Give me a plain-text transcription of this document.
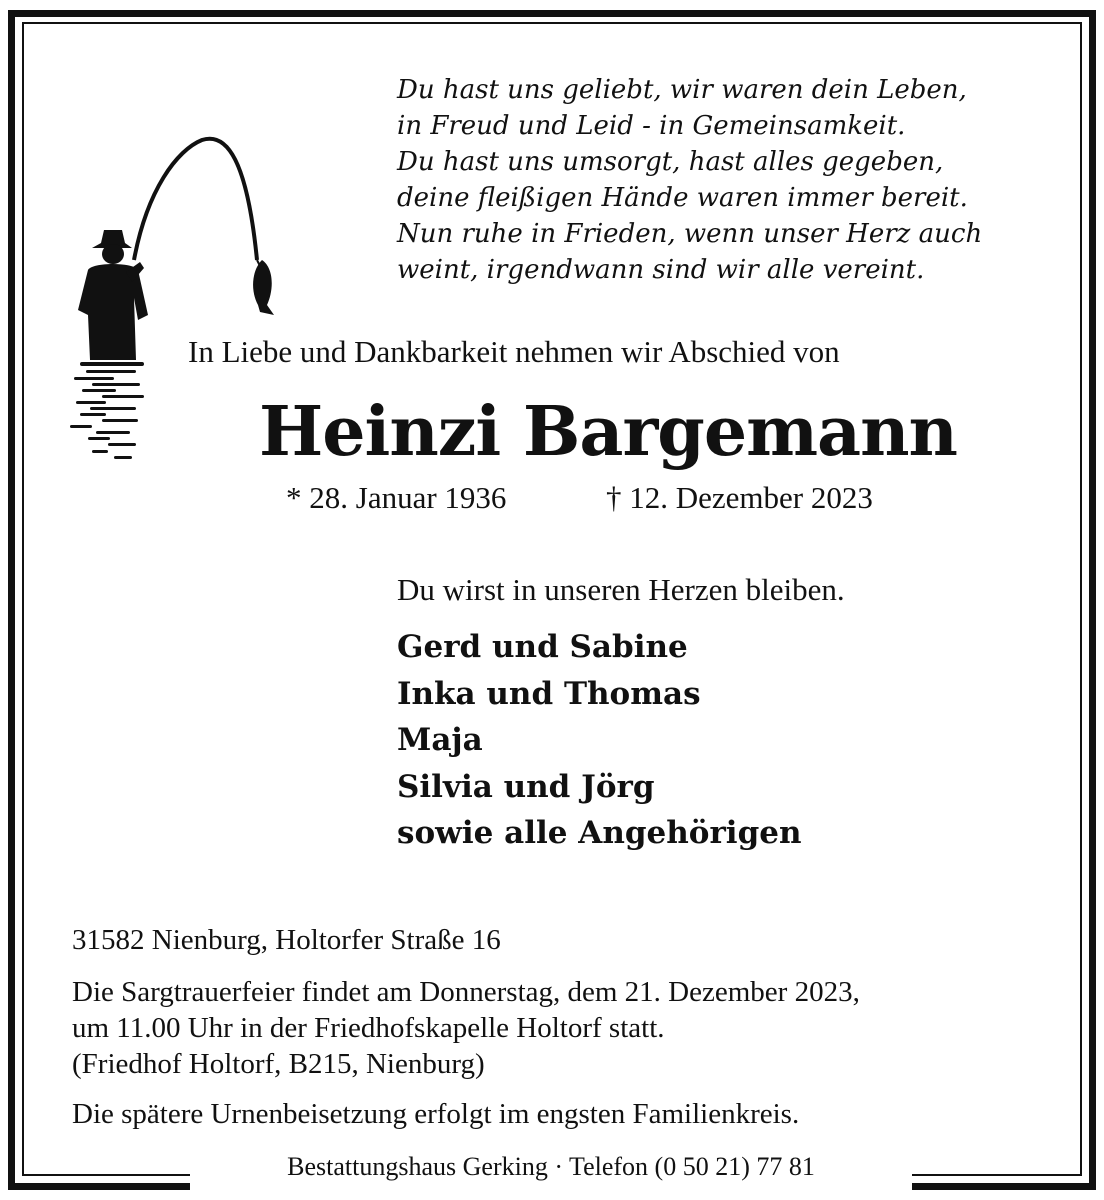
Du hast uns geliebt, wir waren dein Leben,
in Freud und Leid - in Gemeinsamkeit.
Du hast uns umsorgt, hast alles gegeben,
deine fleißigen Hände waren immer bereit.
Nun ruhe in Frieden, wenn unser Herz auch
weint, irgendwann sind wir alle vereint.
In Liebe und Dankbarkeit nehmen wir Abschied von
Heinzi Bargemann
* 28. Januar 1936	† 12. Dezember 2023
Du wirst in unseren Herzen bleiben.
Gerd und Sabine
Inka und Thomas
Maja
Silvia und Jörg
sowie alle Angehörigen
31582 Nienburg, Holtorfer Straße 16
Die Sargtrauerfeier findet am Donnerstag, dem 21. Dezember 2023,
um 11.00 Uhr in der Friedhofskapelle Holtorf statt.
(Friedhof Holtorf, B215, Nienburg)
Die spätere Urnenbeisetzung erfolgt im engsten Familienkreis.
Bestattungshaus Gerking · Telefon (0 50 21) 77 81
